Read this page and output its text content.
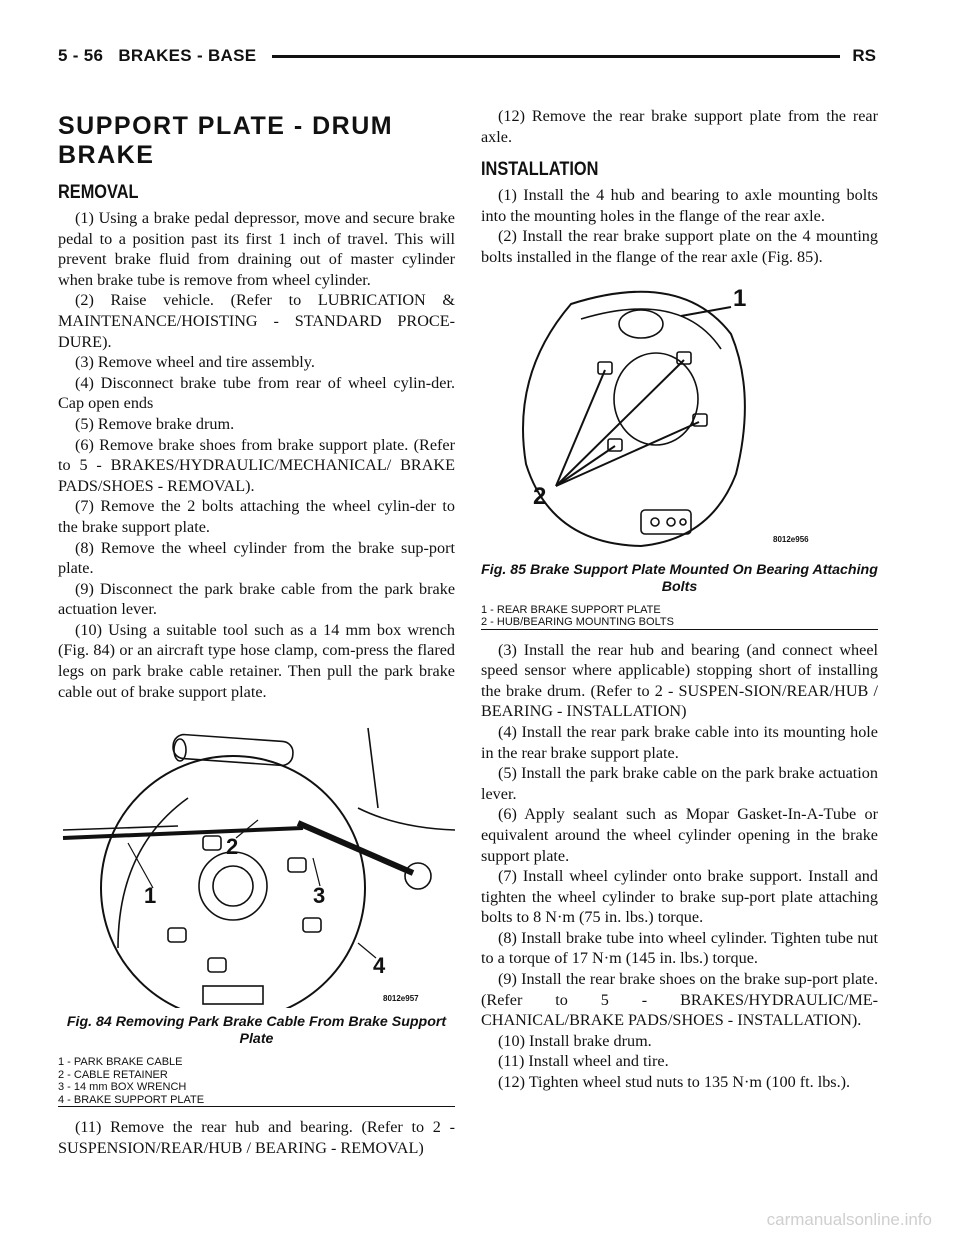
5 - 56 BRAKES - BASE	RS
SUPPORT PLATE - DRUM BRAKE
REMOVAL

(1) Using a brake pedal depressor, move and secure brake pedal to a position past its first 1 inch of travel. This will prevent brake fluid from draining out of master cylinder when brake tube is remove from wheel cylinder.

(2) Raise vehicle. (Refer to LUBRICATION & MAINTENANCE/HOISTING - STANDARD PROCE-DURE).

(3) Remove wheel and tire assembly.

(4) Disconnect brake tube from rear of wheel cylin-der. Cap open ends

(5) Remove brake drum.

(6) Remove brake shoes from brake support plate. (Refer to 5 - BRAKES/HYDRAULIC/MECHANICAL/ BRAKE PADS/SHOES - REMOVAL).

(7) Remove the 2 bolts attaching the wheel cylin-der to the brake support plate.

(8) Remove the wheel cylinder from the brake sup-port plate.

(9) Disconnect the park brake cable from the park brake actuation lever.

(10) Using a suitable tool such as a 14 mm box wrench (Fig. 84) or an aircraft type hose clamp, com-press the flared legs on park brake cable retainer. Then pull the park brake cable out of brake support plate.

1
2
3
4
8012e957
Fig. 84 Removing Park Brake Cable From Brake Support Plate
1 - PARK BRAKE CABLE
2 - CABLE RETAINER
3 - 14 mm BOX WRENCH
4 - BRAKE SUPPORT PLATE

(11) Remove the rear hub and bearing. (Refer to 2 - SUSPENSION/REAR/HUB / BEARING - REMOVAL)

(12) Remove the rear brake support plate from the rear axle.

INSTALLATION

(1) Install the 4 hub and bearing to axle mounting bolts into the mounting holes in the flange of the rear axle.

(2) Install the rear brake support plate on the 4 mounting bolts installed in the flange of the rear axle (Fig. 85).

1
2
8012e956
Fig. 85 Brake Support Plate Mounted On Bearing Attaching Bolts
1 - REAR BRAKE SUPPORT PLATE
2 - HUB/BEARING MOUNTING BOLTS

(3) Install the rear hub and bearing (and connect wheel speed sensor where applicable) stopping short of installing the brake drum. (Refer to 2 - SUSPEN-SION/REAR/HUB / BEARING - INSTALLATION)

(4) Install the rear park brake cable into its mounting hole in the rear brake support plate.

(5) Install the park brake cable on the park brake actuation lever.

(6) Apply sealant such as Mopar Gasket-In-A-Tube or equivalent around the wheel cylinder opening in the brake support plate.

(7) Install wheel cylinder onto brake support. Install and tighten the wheel cylinder to brake sup-port plate attaching bolts to 8 N·m (75 in. lbs.) torque.

(8) Install brake tube into wheel cylinder. Tighten tube nut to a torque of 17 N·m (145 in. lbs.) torque.

(9) Install the rear brake shoes on the brake sup-port plate. (Refer to 5 - BRAKES/HYDRAULIC/ME-CHANICAL/BRAKE PADS/SHOES - INSTALLATION).

(10) Install brake drum.

(11) Install wheel and tire.

(12) Tighten wheel stud nuts to 135 N·m (100 ft. lbs.).

carmanualsonline.info
